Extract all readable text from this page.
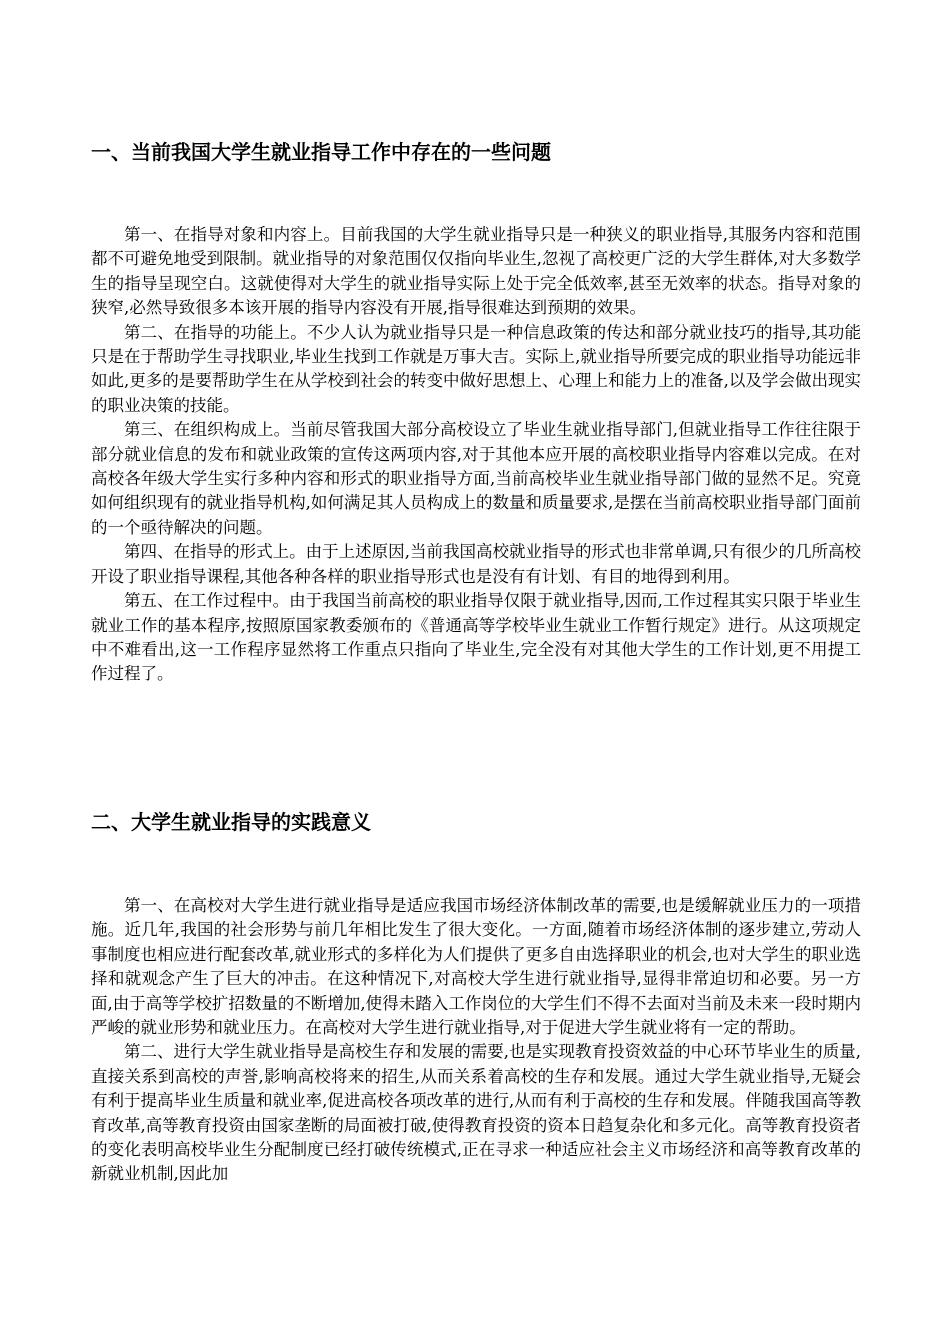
一、当前我国大学生就业指导工作中存在的一些问题

第一、在指导对象和内容上。目前我国的大学生就业指导只是一种狭义的职业指导,其服务内容和范围都不可避免地受到限制。就业指导的对象范围仅仅指向毕业生,忽视了高校更广泛的大学生群体,对大多数学生的指导呈现空白。这就使得对大学生的就业指导实际上处于完全低效率,甚至无效率的状态。指导对象的狭窄,必然导致很多本该开展的指导内容没有开展,指导很难达到预期的效果。

第二、在指导的功能上。不少人认为就业指导只是一种信息政策的传达和部分就业技巧的指导,其功能只是在于帮助学生寻找职业,毕业生找到工作就是万事大吉。实际上,就业指导所要完成的职业指导功能远非如此,更多的是要帮助学生在从学校到社会的转变中做好思想上、心理上和能力上的准备,以及学会做出现实的职业决策的技能。

第三、在组织构成上。当前尽管我国大部分高校设立了毕业生就业指导部门,但就业指导工作往往限于部分就业信息的发布和就业政策的宣传这两项内容,对于其他本应开展的高校职业指导内容难以完成。在对高校各年级大学生实行多种内容和形式的职业指导方面,当前高校毕业生就业指导部门做的显然不足。究竟如何组织现有的就业指导机构,如何满足其人员构成上的数量和质量要求,是摆在当前高校职业指导部门面前的一个亟待解决的问题。

第四、在指导的形式上。由于上述原因,当前我国高校就业指导的形式也非常单调,只有很少的几所高校开设了职业指导课程,其他各种各样的职业指导形式也是没有有计划、有目的地得到利用。

第五、在工作过程中。由于我国当前高校的职业指导仅限于就业指导,因而,工作过程其实只限于毕业生就业工作的基本程序,按照原国家教委颁布的《普通高等学校毕业生就业工作暂行规定》进行。从这项规定中不难看出,这一工作程序显然将工作重点只指向了毕业生,完全没有对其他大学生的工作计划,更不用提工作过程了。

二、大学生就业指导的实践意义

第一、在高校对大学生进行就业指导是适应我国市场经济体制改革的需要,也是缓解就业压力的一项措施。近几年,我国的社会形势与前几年相比发生了很大变化。一方面,随着市场经济体制的逐步建立,劳动人事制度也相应进行配套改革,就业形式的多样化为人们提供了更多自由选择职业的机会,也对大学生的职业选择和就观念产生了巨大的冲击。在这种情况下,对高校大学生进行就业指导,显得非常迫切和必要。另一方面,由于高等学校扩招数量的不断增加,使得未踏入工作岗位的大学生们不得不去面对当前及未来一段时期内严峻的就业形势和就业压力。在高校对大学生进行就业指导,对于促进大学生就业将有一定的帮助。

第二、进行大学生就业指导是高校生存和发展的需要,也是实现教育投资效益的中心环节毕业生的质量,直接关系到高校的声誉,影响高校将来的招生,从而关系着高校的生存和发展。通过大学生就业指导,无疑会有利于提高毕业生质量和就业率,促进高校各项改革的进行,从而有利于高校的生存和发展。伴随我国高等教育改革,高等教育投资由国家垄断的局面被打破,使得教育投资的资本日趋复杂化和多元化。高等教育投资者的变化表明高校毕业生分配制度已经打破传统模式,正在寻求一种适应社会主义市场经济和高等教育改革的新就业机制,因此加
